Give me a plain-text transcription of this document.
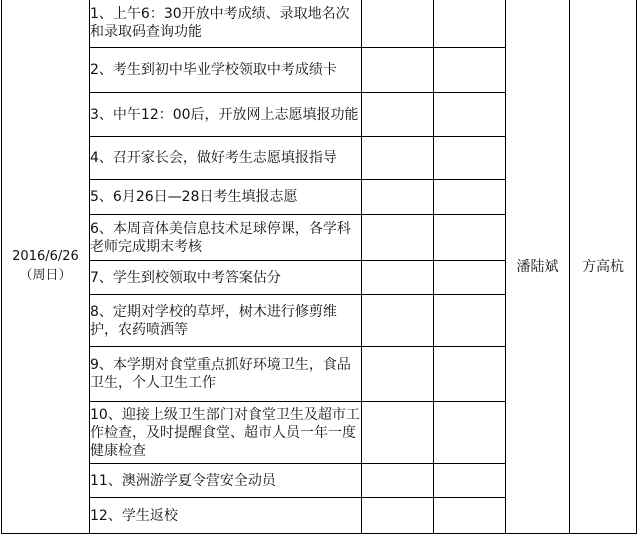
2016/6/26
（周日）	1、上午6：30开放中考成绩、录取地名次和录取码查询功能			潘陆斌	方高杭

	2、考生到初中毕业学校领取中考成绩卡				

	3、中午12：00后，开放网上志愿填报功能				

	4、召开家长会，做好考生志愿填报指导				

	5、6月26日—28日考生填报志愿				

	6、本周音体美信息技术足球停课，各学科老师完成期末考核				

	7、学生到校领取中考答案估分				

	8、定期对学校的草坪，树木进行修剪维护，农药喷洒等				

	9、本学期对食堂重点抓好环境卫生，食品卫生，个人卫生工作				

	10、迎接上级卫生部门对食堂卫生及超市工作检查，及时提醒食堂、超市人员一年一度健康检查				

	11、澳洲游学夏令营安全动员				

	12、学生返校				
